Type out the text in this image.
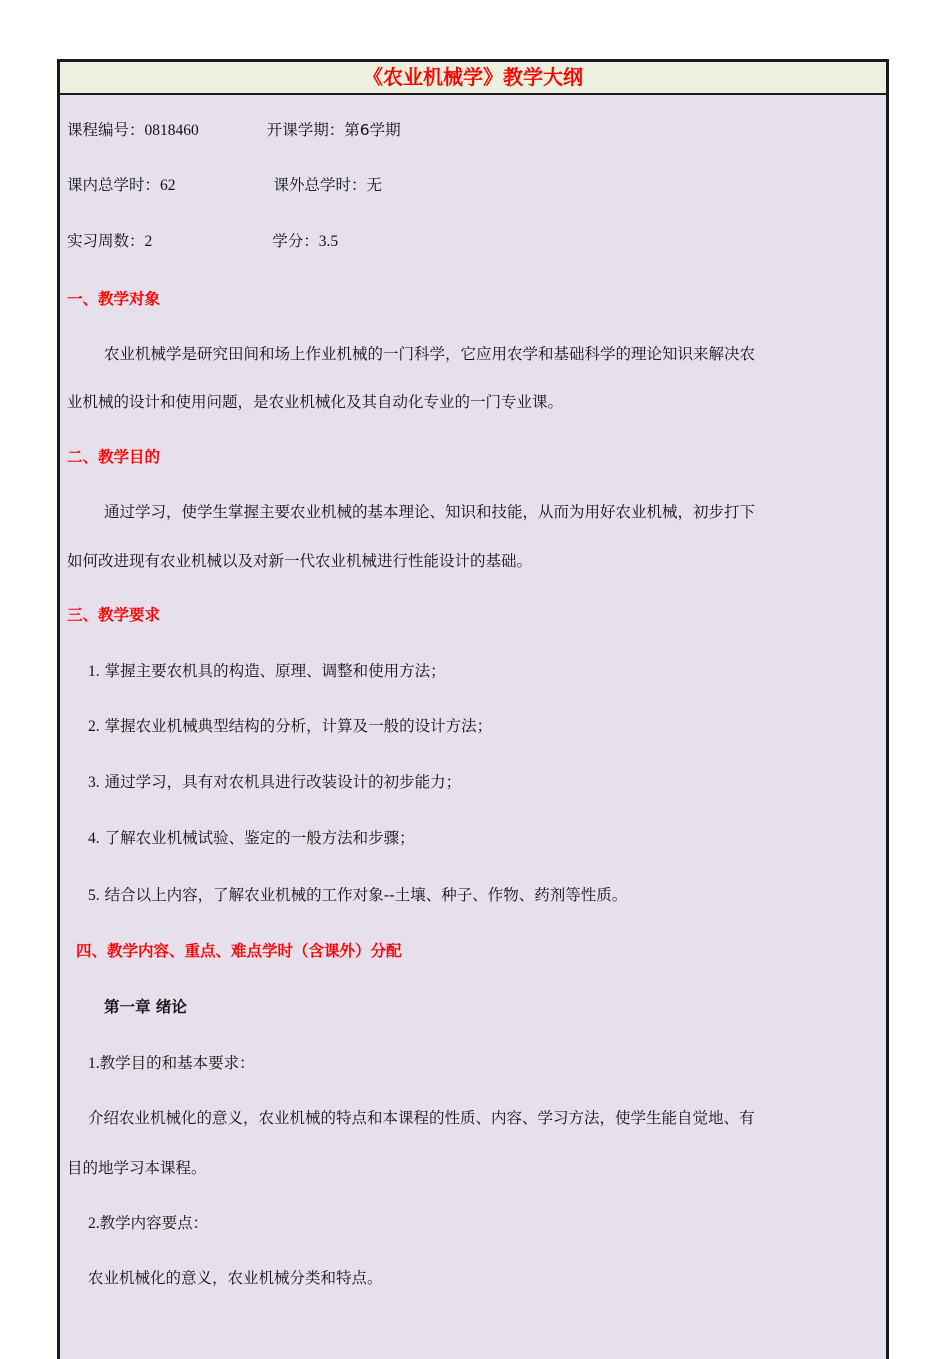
《农业机械学》教学大纲
课程编号：0818460	开课学期：第6学期
课内总学时：62	课外总学时：无
实习周数：2	学分：3.5
一、教学对象
农业机械学是研究田间和场上作业机械的一门科学，它应用农学和基础科学的理论知识来解决农
业机械的设计和使用问题，是农业机械化及其自动化专业的一门专业课。
二、教学目的
通过学习，使学生掌握主要农业机械的基本理论、知识和技能，从而为用好农业机械，初步打下
如何改进现有农业机械以及对新一代农业机械进行性能设计的基础。
三、教学要求
1. 掌握主要农机具的构造、原理、调整和使用方法；
2. 掌握农业机械典型结构的分析，计算及一般的设计方法；
3. 通过学习，具有对农机具进行改装设计的初步能力；
4. 了解农业机械试验、鉴定的一般方法和步骤；
5. 结合以上内容，了解农业机械的工作对象--土壤、种子、作物、药剂等性质。
四、教学内容、重点、难点学时（含课外）分配
第一章 绪论
1.教学目的和基本要求：
介绍农业机械化的意义，农业机械的特点和本课程的性质、内容、学习方法，使学生能自觉地、有
目的地学习本课程。
2.教学内容要点：
农业机械化的意义，农业机械分类和特点。
